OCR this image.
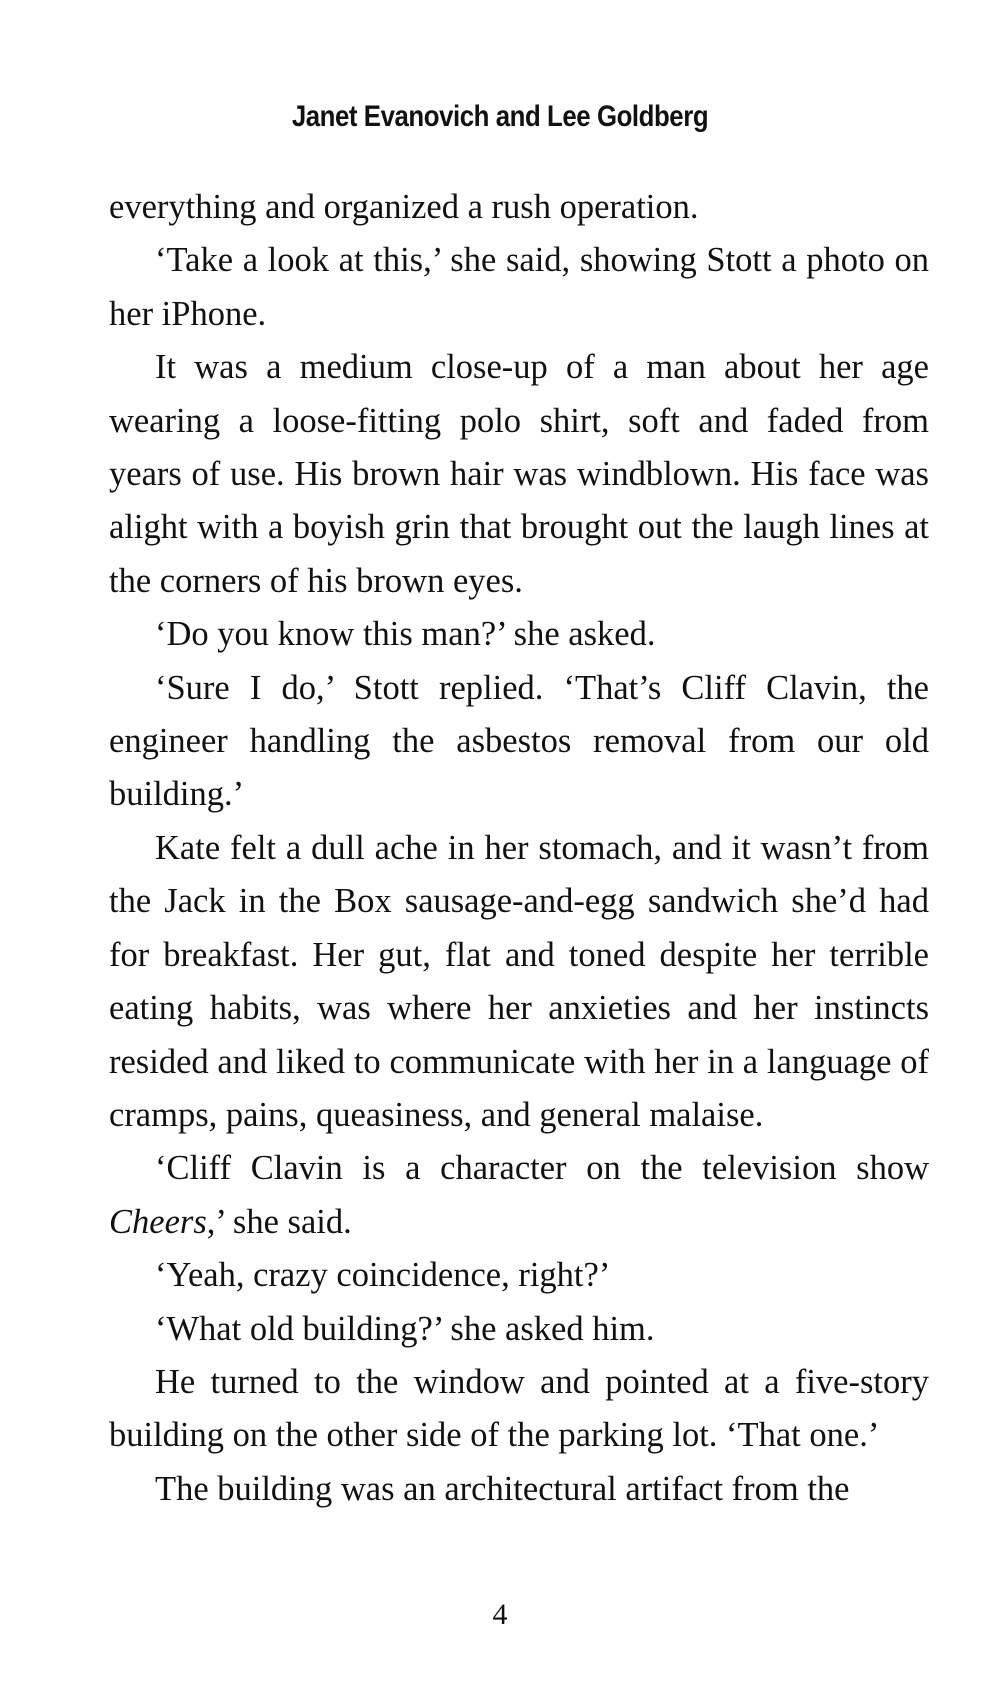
Janet Evanovich and Lee Goldberg

everything and organized a rush operation.

‘Take a look at this,’ she said, showing Stott a photo on her iPhone.

It was a medium close-up of a man about her age wearing a loose-fitting polo shirt, soft and faded from years of use. His brown hair was windblown. His face was alight with a boyish grin that brought out the laugh lines at the corners of his brown eyes.

‘Do you know this man?’ she asked.

‘Sure I do,’ Stott replied. ‘That’s Cliff Clavin, the engineer handling the asbestos removal from our old building.’

Kate felt a dull ache in her stomach, and it wasn’t from the Jack in the Box sausage-and-egg sandwich she’d had for breakfast. Her gut, flat and toned despite her terrible eating habits, was where her anxieties and her instincts resided and liked to communicate with her in a language of cramps, pains, queasiness, and general malaise.

‘Cliff Clavin is a character on the television show Cheers,’ she said.

‘Yeah, crazy coincidence, right?’

‘What old building?’ she asked him.

He turned to the window and pointed at a five-story building on the other side of the parking lot. ‘That one.’

The building was an architectural artifact from the

4
